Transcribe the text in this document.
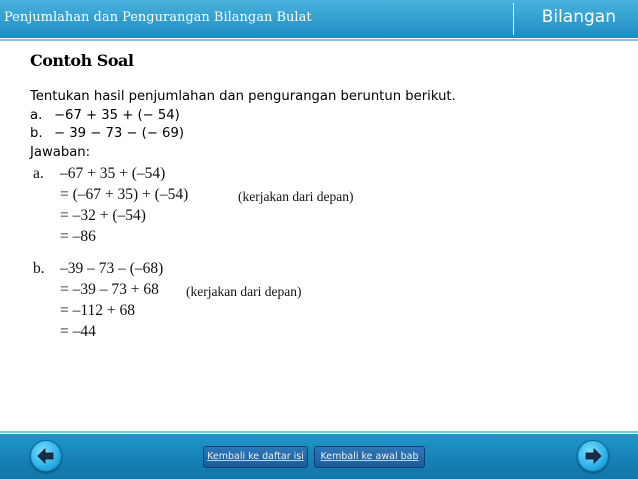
Penjumlahan dan Pengurangan Bilangan Bulat	Bilangan
Contoh Soal
Tentukan hasil penjumlahan dan pengurangan beruntun berikut.
a. −67 + 35 + (− 54)
b. − 39 − 73 − (− 69)
Jawaban:
a. –67 + 35 + (–54)
= (–67 + 35) + (–54)	(kerjakan dari depan)
= –32 + (–54)
= –86
b. –39 – 73 – (–68)
= –39 – 73 + 68 (kerjakan dari depan)
= –112 + 68
= –44
Kembali ke daftar isi	Kembali ke awal bab
